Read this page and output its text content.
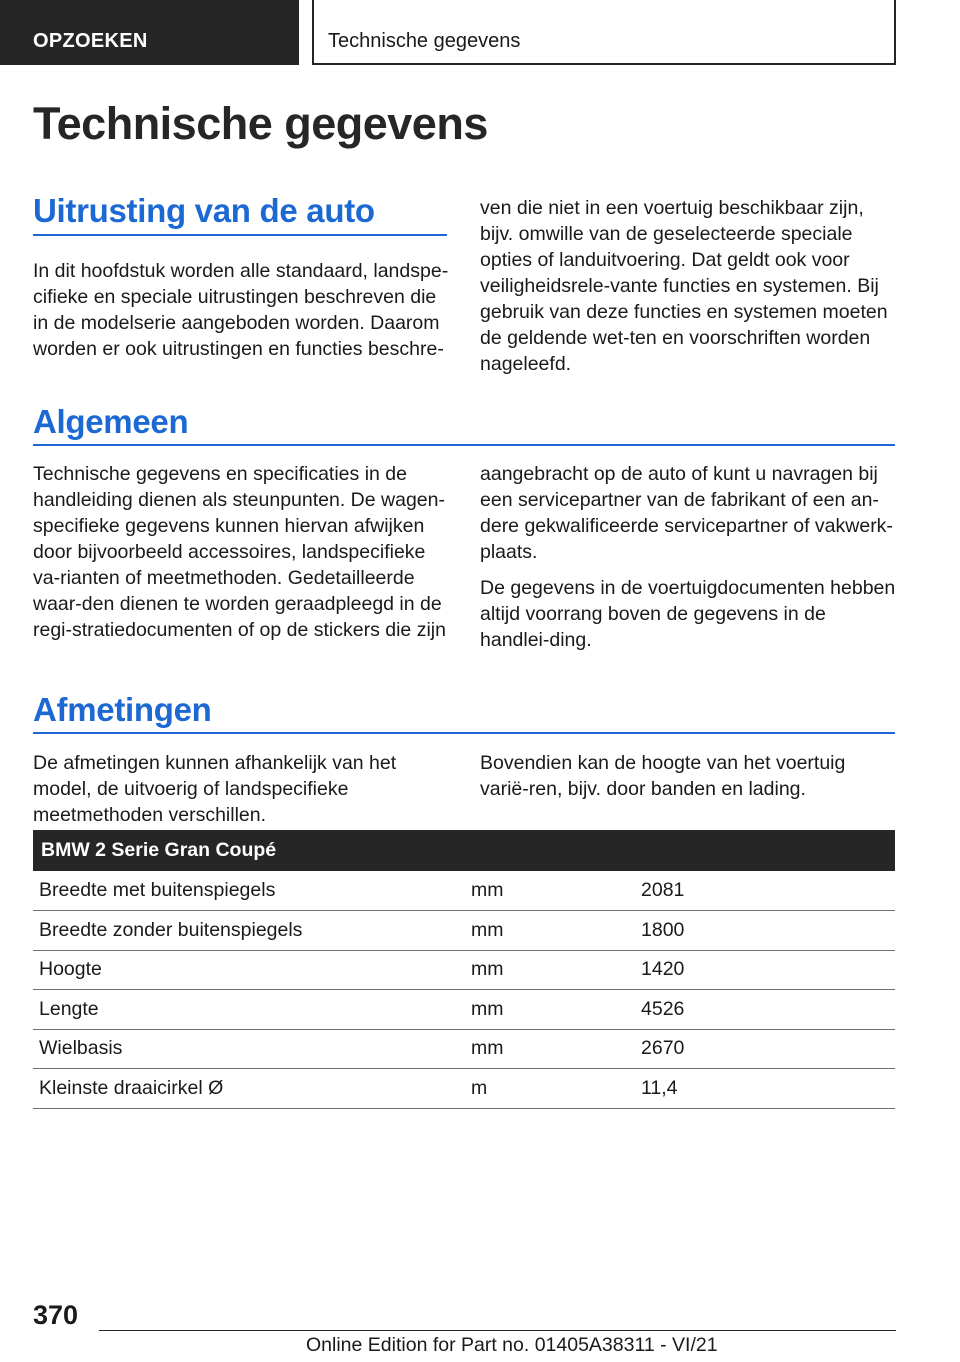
OPZOEKEN	Technische gegevens
Technische gegevens
Uitrusting van de auto
In dit hoofdstuk worden alle standaard, landspe-cifieke en speciale uitrustingen beschreven die in de modelserie aangeboden worden. Daarom worden er ook uitrustingen en functies beschre-
ven die niet in een voertuig beschikbaar zijn, bijv. omwille van de geselecteerde speciale opties of landuitvoering. Dat geldt ook voor veiligheidsrele-vante functies en systemen. Bij gebruik van deze functies en systemen moeten de geldende wet-ten en voorschriften worden nageleefd.
Algemeen
Technische gegevens en specificaties in de handleiding dienen als steunpunten. De wagen-specifieke gegevens kunnen hiervan afwijken door bijvoorbeeld accessoires, landspecifieke va-rianten of meetmethoden. Gedetailleerde waar-den dienen te worden geraadpleegd in de regi-stratiedocumenten of op de stickers die zijn

aangebracht op de auto of kunt u navragen bij een servicepartner van de fabrikant of een an-dere gekwalificeerde servicepartner of vakwerk-plaats.

De gegevens in de voertuigdocumenten hebben altijd voorrang boven de gegevens in de handlei-ding.

Afmetingen
De afmetingen kunnen afhankelijk van het model, de uitvoerig of landspecifieke meetmethoden verschillen.
Bovendien kan de hoogte van het voertuig varië-ren, bijv. door banden en lading.
BMW 2 Serie Gran Coupé		
Breedte met buitenspiegels	mm	2081
Breedte zonder buitenspiegels	mm	1800
Hoogte	mm	1420
Lengte	mm	4526
Wielbasis	mm	2670
Kleinste draaicirkel Ø	m	11,4
370
Online Edition for Part no. 01405A38311 - VI/21
